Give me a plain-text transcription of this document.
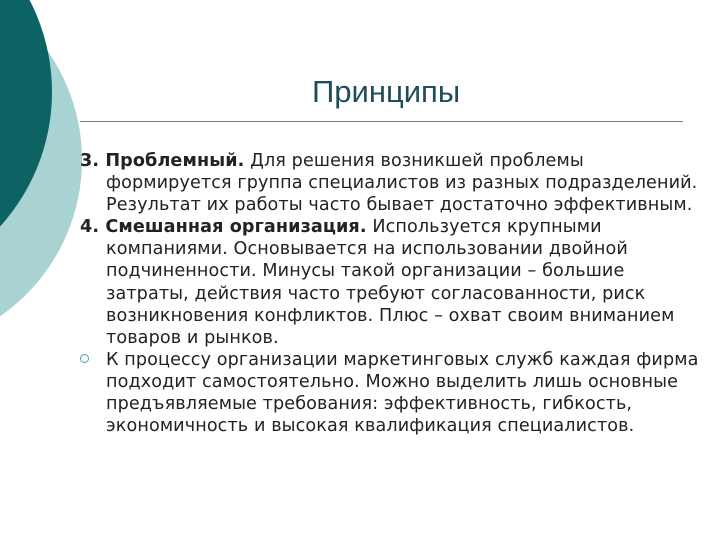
Принципы
3. Проблемный. Для решения возникшей проблемы формируется группа специалистов из разных подразделений. Результат их работы часто бывает достаточно эффективным.
4. Смешанная организация. Используется крупными компаниями. Основывается на использовании двойной подчиненности. Минусы такой организации – большие затраты, действия часто требуют согласованности, риск возникновения конфликтов. Плюс – охват своим вниманием товаров и рынков.
К процессу организации маркетинговых служб каждая фирма подходит самостоятельно. Можно выделить лишь основные предъявляемые требования: эффективность, гибкость, экономичность и высокая квалификация специалистов.
